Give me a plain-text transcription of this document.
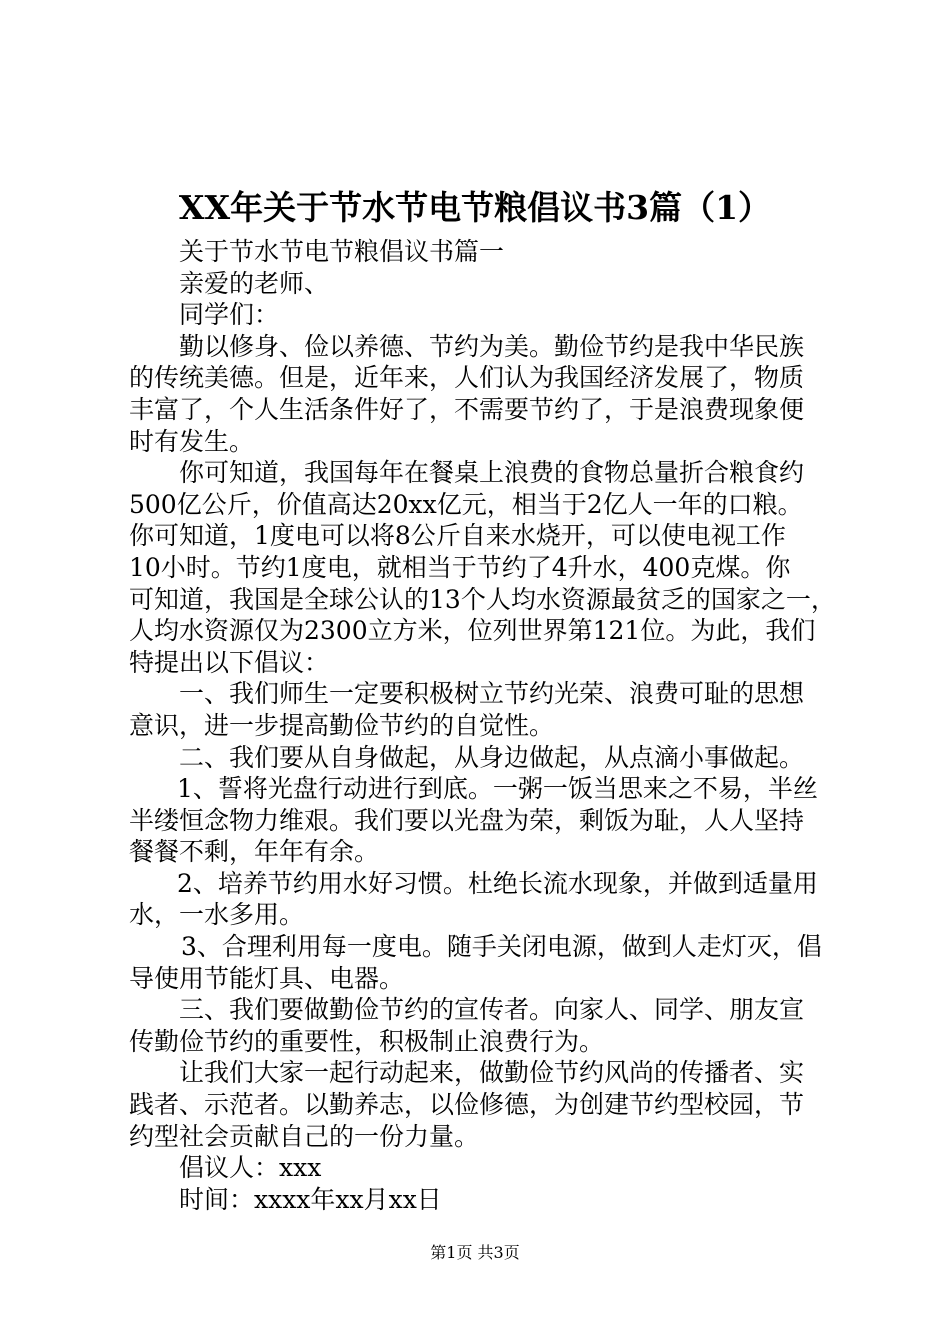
XX年关于节水节电节粮倡议书3篇（1）
关于节水节电节粮倡议书篇一
亲爱的老师、
同学们：
勤以修身、俭以养德、节约为美。勤俭节约是我中华民族
的传统美德。但是，近年来，人们认为我国经济发展了，物质
丰富了，个人生活条件好了，不需要节约了，于是浪费现象便
时有发生。
你可知道，我国每年在餐桌上浪费的食物总量折合粮食约
500亿公斤，价值高达20xx亿元，相当于2亿人一年的口粮。
你可知道，1度电可以将8公斤自来水烧开，可以使电视工作
10小时。节约1度电，就相当于节约了4升水，400克煤。你
可知道，我国是全球公认的13个人均水资源最贫乏的国家之一，
人均水资源仅为2300立方米，位列世界第121位。为此，我们
特提出以下倡议：
一、我们师生一定要积极树立节约光荣、浪费可耻的思想
意识，进一步提高勤俭节约的自觉性。
二、我们要从自身做起，从身边做起，从点滴小事做起。
1、誓将光盘行动进行到底。一粥一饭当思来之不易，半丝
半缕恒念物力维艰。我们要以光盘为荣，剩饭为耻，人人坚持
餐餐不剩，年年有余。
2、培养节约用水好习惯。杜绝长流水现象，并做到适量用
水，一水多用。
3、合理利用每一度电。随手关闭电源，做到人走灯灭，倡
导使用节能灯具、电器。
三、我们要做勤俭节约的宣传者。向家人、同学、朋友宣
传勤俭节约的重要性，积极制止浪费行为。
让我们大家一起行动起来，做勤俭节约风尚的传播者、实
践者、示范者。以勤养志，以俭修德，为创建节约型校园，节
约型社会贡献自己的一份力量。
倡议人：xxx
时间：xxxx年xx月xx日
第1页 共3页
